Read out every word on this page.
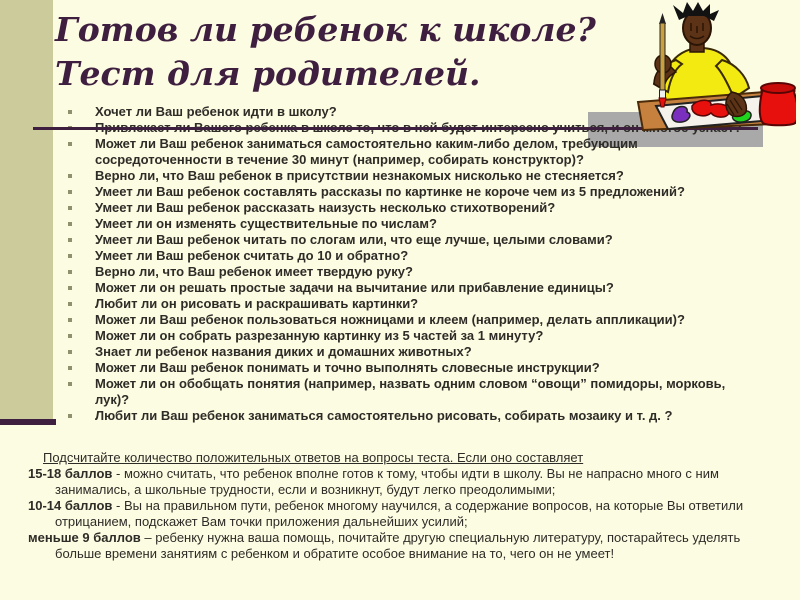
Готов ли ребенок к школе?
Тест для родителей.
Хочет ли Ваш ребенок идти в школу?
Может ли Ваш ребенок заниматься самостоятельно каким-либо делом, требующим сосредоточенности в течение 30 минут (например, собирать конструктор)?
Верно ли, что Ваш ребенок в присутствии незнакомых нисколько не стесняется?
Умеет ли Ваш ребенок составлять рассказы по картинке не короче чем из 5 предложений?
Умеет ли Ваш ребенок рассказать наизусть несколько стихотворений?
Умеет ли он изменять существительные по числам?
Умеет ли Ваш ребенок читать по слогам или, что еще лучше, целыми словами?
Умеет ли Ваш ребенок считать до 10 и обратно?
Верно ли, что Ваш ребенок имеет твердую руку?
Может ли он решать простые задачи на вычитание или прибавление единицы?
Любит ли он рисовать и раскрашивать картинки?
Может ли Ваш ребенок пользоваться ножницами и клеем (например, делать аппликации)?
Может ли он собрать разрезанную картинку из 5 частей за 1 минуту?
Знает ли ребенок названия диких и домашних животных?
Может ли Ваш ребенок понимать и точно выполнять словесные инструкции?
Может ли он обобщать понятия (например, назвать одним словом “овощи” помидоры, морковь, лук)?
Любит ли Ваш ребенок заниматься самостоятельно рисовать, собирать мозаику и т. д. ?

Подсчитайте количество положительных ответов на вопросы теста. Если оно составляет

15-18 баллов - можно считать, что ребенок вполне готов к тому, чтобы идти в школу. Вы не напрасно много с ним занимались, а школьные трудности, если и возникнут, будут легко преодолимыми;

10-14 баллов - Вы на правильном пути, ребенок многому научился, а содержание вопросов, на которые Вы ответили отрицанием, подскажет Вам точки приложения дальнейших усилий;

меньше 9 баллов – ребенку нужна ваша помощь, почитайте другую специальную литературу, постарайтесь уделять больше времени занятиям с ребенком и обратите особое внимание на то, чего он не умеет!
